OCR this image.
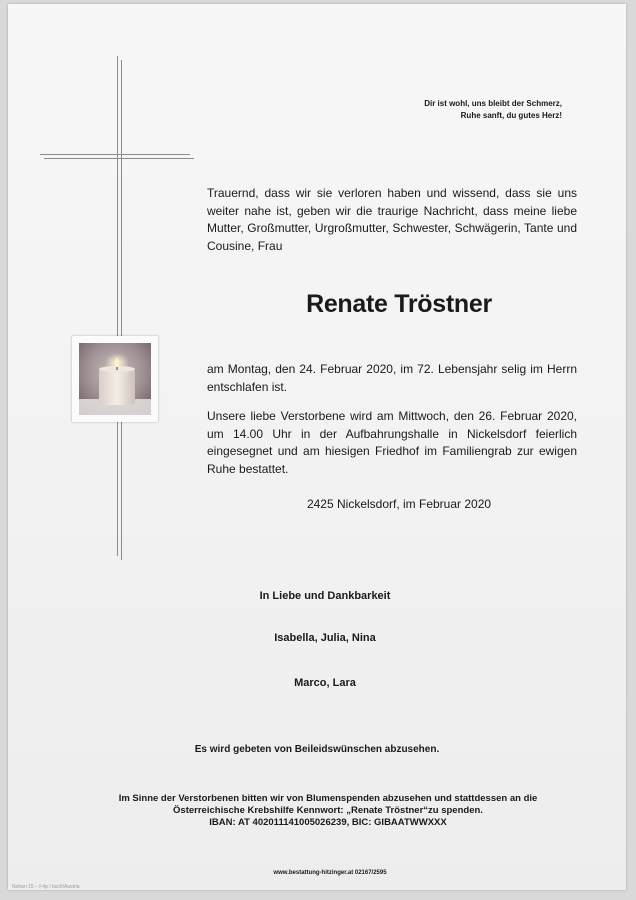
Dir ist wohl, uns bleibt der Schmerz,
Ruhe sanft, du gutes Herz!
Trauernd, dass wir sie verloren haben und wissend, dass sie uns weiter nahe ist, geben wir die traurige Nachricht, dass meine liebe Mutter, Großmutter, Urgroßmutter, Schwester, Schwägerin, Tante und Cousine, Frau
Renate Tröstner
am Montag, den 24. Februar 2020, im 72. Lebensjahr selig im Herrn entschlafen ist.
Unsere liebe Verstorbene wird am Mittwoch, den 26. Februar 2020, um 14.00 Uhr in der Aufbahrungshalle in Nickelsdorf feierlich eingesegnet und am hiesigen Friedhof im Familiengrab zur ewigen Ruhe bestattet.
2425 Nickelsdorf, im Februar 2020
In Liebe und Dankbarkeit
Isabella, Julia, Nina
Marco, Lara
Es wird gebeten von Beileidswünschen abzusehen.
Im Sinne der Verstorbenen bitten wir von Blumenspenden abzusehen und stattdessen an die
Österreichische Krebshilfe Kennwort: „Renate Tröstner“zu spenden.
IBAN: AT 402011141005026239, BIC: GIBAATWWXXX
www.bestattung-hitzinger.at 02167/2595
Nohan 15 – f-4p / bsch/Austria
